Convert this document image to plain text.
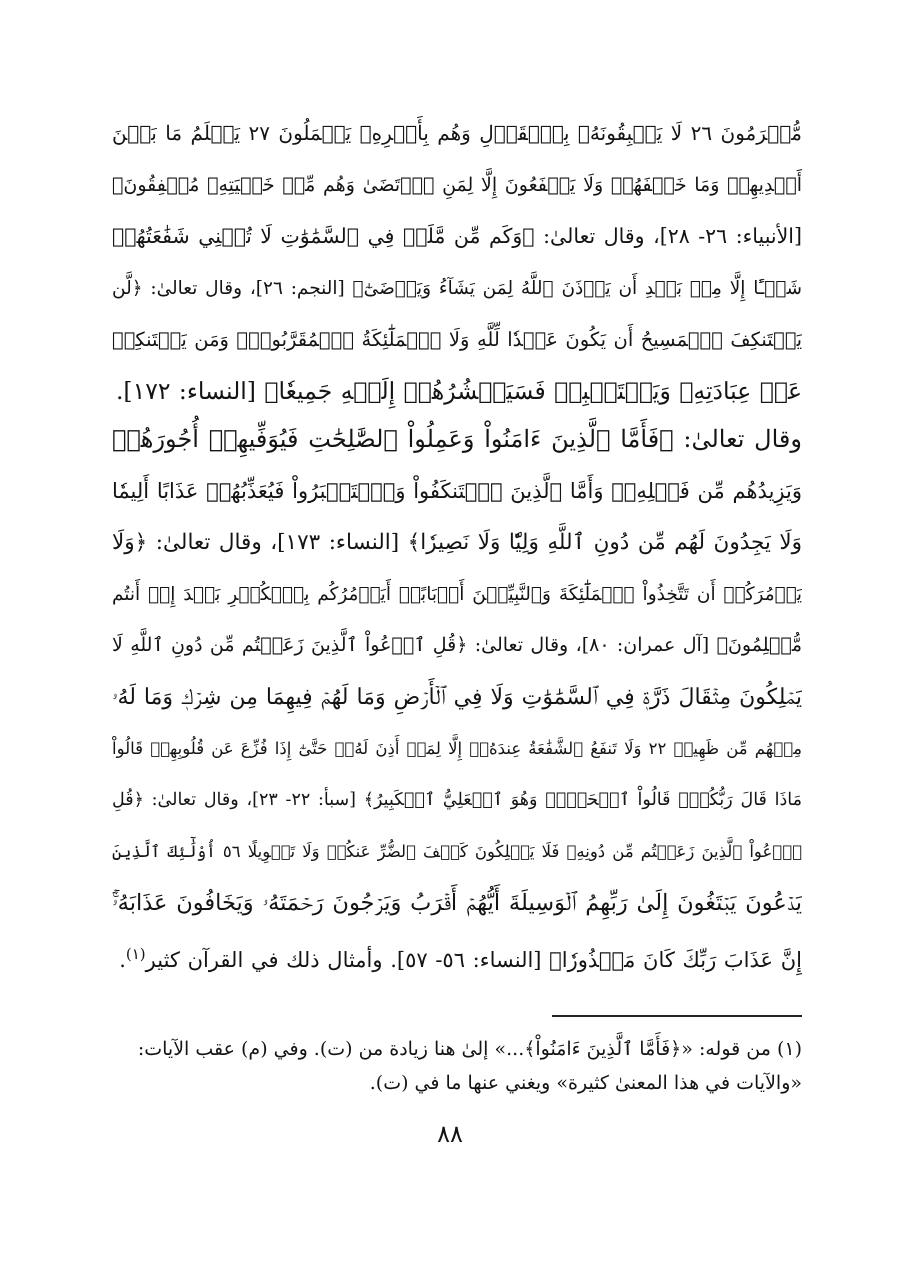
مُّكۡرَمُونَ ٢٦ لَا يَسۡبِقُونَهُۥ بِٱلۡقَوۡلِ وَهُم بِأَمۡرِهِۦ يَعۡمَلُونَ ٢٧ يَعۡلَمُ مَا بَيۡنَ
أَيۡدِيهِمۡ وَمَا خَلۡفَهُمۡ وَلَا يَشۡفَعُونَ إِلَّا لِمَنِ ٱرۡتَضَىٰ وَهُم مِّنۡ خَشۡيَتِهِۦ مُشۡفِقُونَ﴾
[الأنبياء: ٢٦- ٢٨]، وقال تعالىٰ: ﴿وَكَم مِّن مَّلَكٖ فِي ٱلسَّمَٰوَٰتِ لَا تُغۡنِي شَفَٰعَتُهُمۡ
شَيۡـًٔا إِلَّا مِنۢ بَعۡدِ أَن يَأۡذَنَ ٱللَّهُ لِمَن يَشَآءُ وَيَرۡضَىٰٓ﴾ [النجم: ٢٦]، وقال تعالىٰ: ﴿لَّن
يَسۡتَنكِفَ ٱلۡمَسِيحُ أَن يَكُونَ عَبۡدٗا لِّلَّهِ وَلَا ٱلۡمَلَٰٓئِكَةُ ٱلۡمُقَرَّبُونَۚ وَمَن يَسۡتَنكِفۡ
عَنۡ عِبَادَتِهِۦ وَيَسۡتَكۡبِرۡ فَسَيَحۡشُرُهُمۡ إِلَيۡهِ جَمِيعٗا﴾ [النساء: ١٧٢].
وقال تعالىٰ: ﴿فَأَمَّا ٱلَّذِينَ ءَامَنُواْ وَعَمِلُواْ ٱلصَّٰلِحَٰتِ فَيُوَفِّيهِمۡ أُجُورَهُمۡ
وَيَزِيدُهُم مِّن فَضۡلِهِۦۖ وَأَمَّا ٱلَّذِينَ ٱسۡتَنكَفُواْ وَٱسۡتَكۡبَرُواْ فَيُعَذِّبُهُمۡ عَذَابًا أَلِيمٗا
وَلَا يَجِدُونَ لَهُم مِّن دُونِ ٱللَّهِ وَلِيّٗا وَلَا نَصِيرٗا﴾ [النساء: ١٧٣]، وقال تعالىٰ: ﴿وَلَا
يَأۡمُرَكُمۡ أَن تَتَّخِذُواْ ٱلۡمَلَٰٓئِكَةَ وَٱلنَّبِيِّـۧنَ أَرۡبَابًاۗ أَيَأۡمُرُكُم بِٱلۡكُفۡرِ بَعۡدَ إِذۡ أَنتُم
مُّسۡلِمُونَ﴾ [آل عمران: ٨٠]، وقال تعالىٰ: ﴿قُلِ ٱدۡعُواْ ٱلَّذِينَ زَعَمۡتُم مِّن دُونِ ٱللَّهِ لَا
يَمۡلِكُونَ مِثۡقَالَ ذَرَّةٖ فِي ٱلسَّمَٰوَٰتِ وَلَا فِي ٱلۡأَرۡضِ وَمَا لَهُمۡ فِيهِمَا مِن شِرۡكٖ وَمَا لَهُۥ
مِنۡهُم مِّن ظَهِيرٖ ٢٢ وَلَا تَنفَعُ ٱلشَّفَٰعَةُ عِندَهُۥٓ إِلَّا لِمَنۡ أَذِنَ لَهُۥۚ حَتَّىٰٓ إِذَا فُزِّعَ عَن قُلُوبِهِمۡ قَالُواْ
مَاذَا قَالَ رَبُّكُمۡۖ قَالُواْ ٱلۡحَقَّۖ وَهُوَ ٱلۡعَلِيُّ ٱلۡكَبِيرُ﴾ [سبأ: ٢٢- ٢٣]، وقال تعالىٰ: ﴿قُلِ
ٱدۡعُواْ ٱلَّذِينَ زَعَمۡتُم مِّن دُونِهِۦ فَلَا يَمۡلِكُونَ كَشۡفَ ٱلضُّرِّ عَنكُمۡ وَلَا تَحۡوِيلًا ٥٦ أُوْلَٰٓئِكَ ٱلَّذِينَ
يَدۡعُونَ يَبۡتَغُونَ إِلَىٰ رَبِّهِمُ ٱلۡوَسِيلَةَ أَيُّهُمۡ أَقۡرَبُ وَيَرۡجُونَ رَحۡمَتَهُۥ وَيَخَافُونَ عَذَابَهُۥٓۚ
إِنَّ عَذَابَ رَبِّكَ كَانَ مَحۡذُورٗا﴾ [النساء: ٥٦- ٥٧]. وأمثال ذلك في القرآن كثير$^{(١)}$.
(١) من قوله: «﴿فَأَمَّا ٱلَّذِينَ ءَامَنُواْ﴾...» إلىٰ هنا زيادة من (ت). وفي (م) عقب الآيات:
«والآيات في هذا المعنىٰ كثيرة» ويغني عنها ما في (ت).
٨٨
